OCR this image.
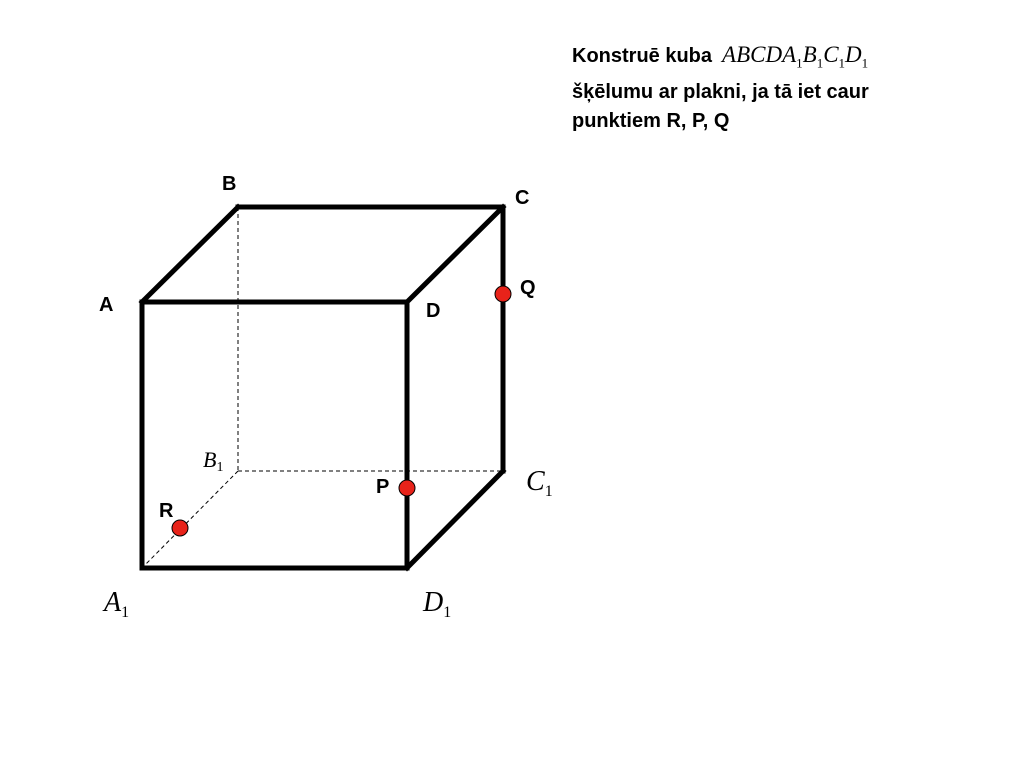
Konstruē kuba $ABCDA_1B_1C_1D_1$
šķēlumu ar plakni, ja tā iet caur
punktiem R, P, Q
B
C
A	D
Q
P
R
B1	$C_1$
$A_1$	$D_1$
